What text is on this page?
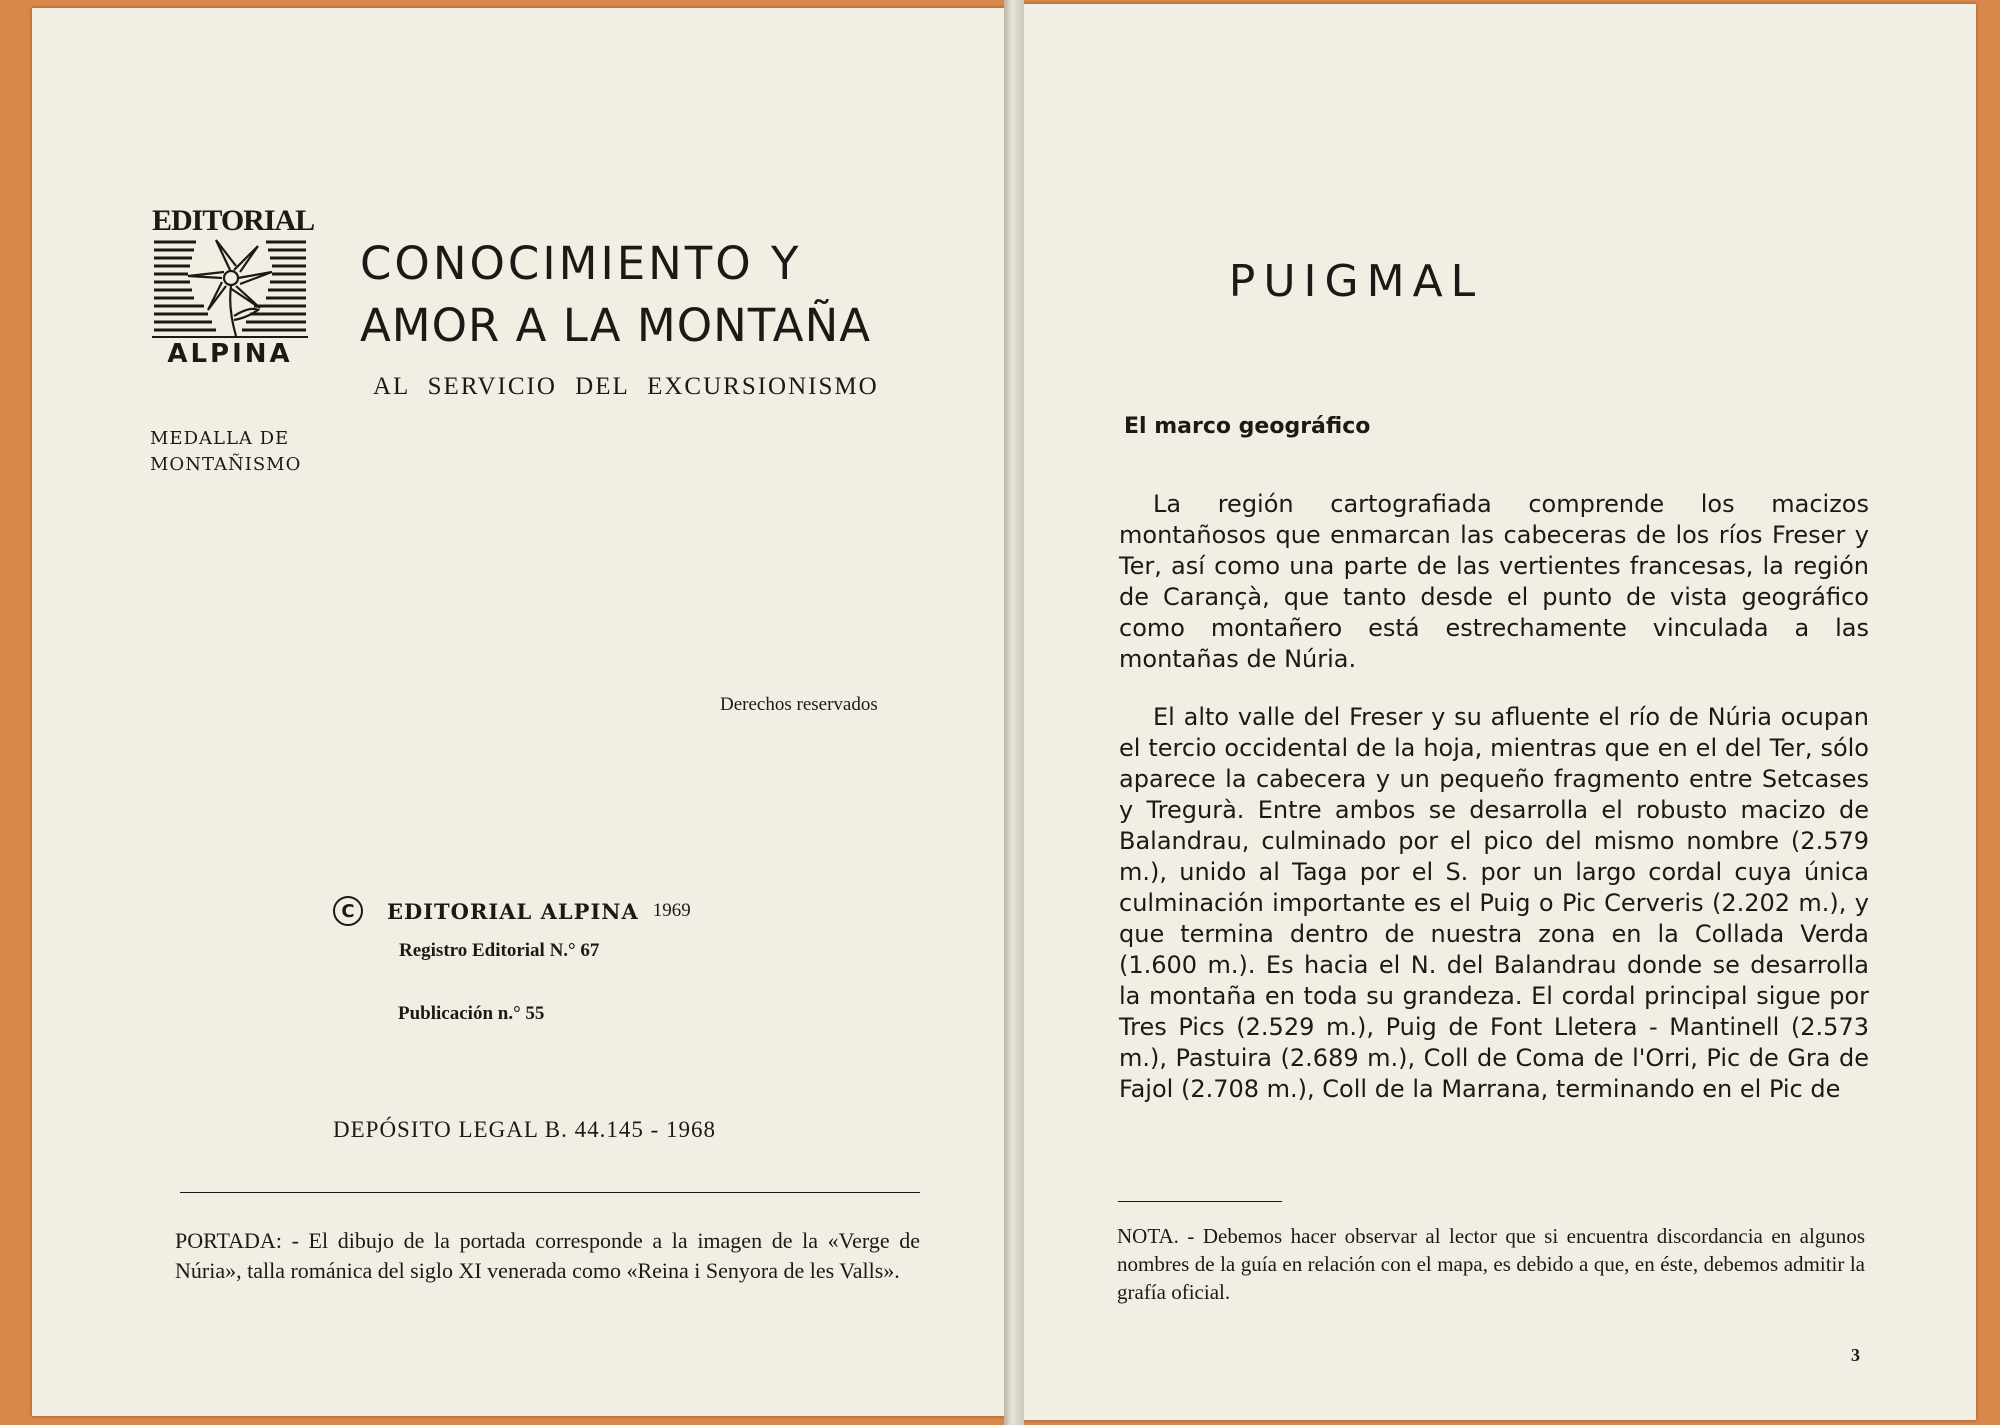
EDITORIAL
ALPINA
MEDALLA DE
MONTAÑISMO
CONOCIMIENTO Y
AMOR A LA MONTAÑA
AL SERVICIO DEL EXCURSIONISMO
Derechos reservados
C	EDITORIAL ALPINA 1969
Registro Editorial N.° 67
Publicación n.° 55
DEPÓSITO LEGAL B. 44.145 - 1968
PORTADA: - El dibujo de la portada corresponde a la imagen de la «Verge de Núria», talla románica del siglo XI venerada como «Reina i Senyora de les Valls».
PUIGMAL
El marco geográfico

La región cartografiada comprende los macizos montañosos que enmarcan las cabeceras de los ríos Freser y Ter, así como una parte de las vertientes francesas, la región de Carançà, que tanto desde el punto de vista geográfico como montañero está estrechamente vinculada a las montañas de Núria.

El alto valle del Freser y su afluente el río de Núria ocupan el tercio occidental de la hoja, mientras que en el del Ter, sólo aparece la cabecera y un pequeño fragmento entre Setcases y Tregurà. Entre ambos se desarrolla el robusto macizo de Balandrau, culminado por el pico del mismo nombre (2.579 m.), unido al Taga por el S. por un largo cordal cuya única culminación importante es el Puig o Pic Cerveris (2.202 m.), y que termina dentro de nuestra zona en la Collada Verda (1.600 m.). Es hacia el N. del Balandrau donde se desarrolla la montaña en toda su grandeza. El cordal principal sigue por Tres Pics (2.529 m.), Puig de Font Lletera - Mantinell (2.573 m.), Pastuira (2.689 m.), Coll de Coma de l'Orri, Pic de Gra de Fajol (2.708 m.), Coll de la Marrana, terminando en el Pic de

NOTA. - Debemos hacer observar al lector que si encuentra discordancia en algunos nombres de la guía en relación con el mapa, es debido a que, en éste, debemos admitir la grafía oficial.
3
